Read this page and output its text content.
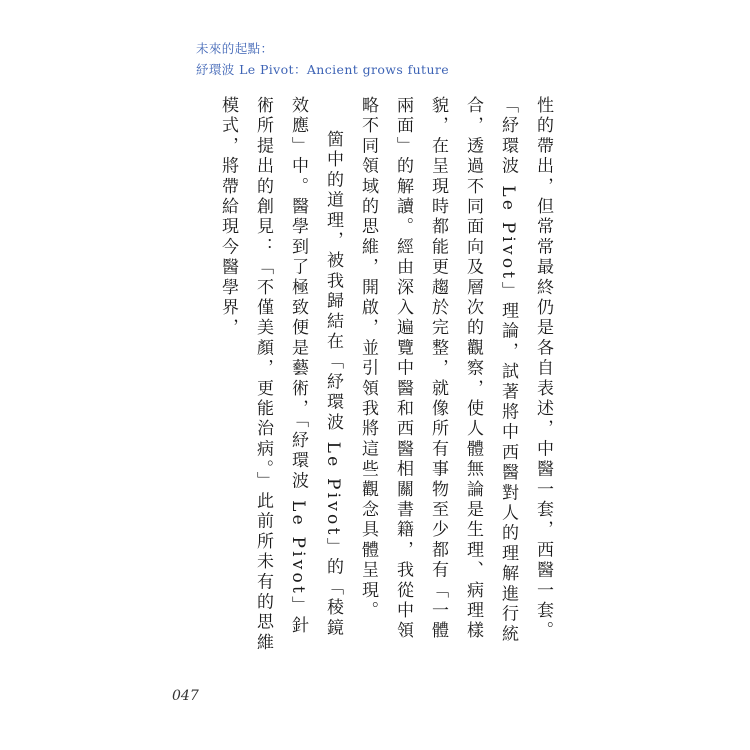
未來的起點：
紓環波 Le Pivot：Ancient grows future

性的帶出，但常常最終仍是各自表述，中醫一套，西醫一套。「紓環波 Le Pivot」理論，試著將中西醫對人的理解進行統合，透過不同面向及層次的觀察，使人體無論是生理、病理樣貌，在呈現時都能更趨於完整，就像所有事物至少都有「一體兩面」的解讀。經由深入遍覽中醫和西醫相關書籍，我從中領略不同領域的思維，開啟，並引領我將這些觀念具體呈現。

箇中的道理，被我歸結在「紓環波 Le Pivot」的「稜鏡效應」中。醫學到了極致便是藝術，「紓環波 Le Pivot」針術所提出的創見：「不僅美顏，更能治病。」此前所未有的思維模式，將帶給現今醫學界，

047
